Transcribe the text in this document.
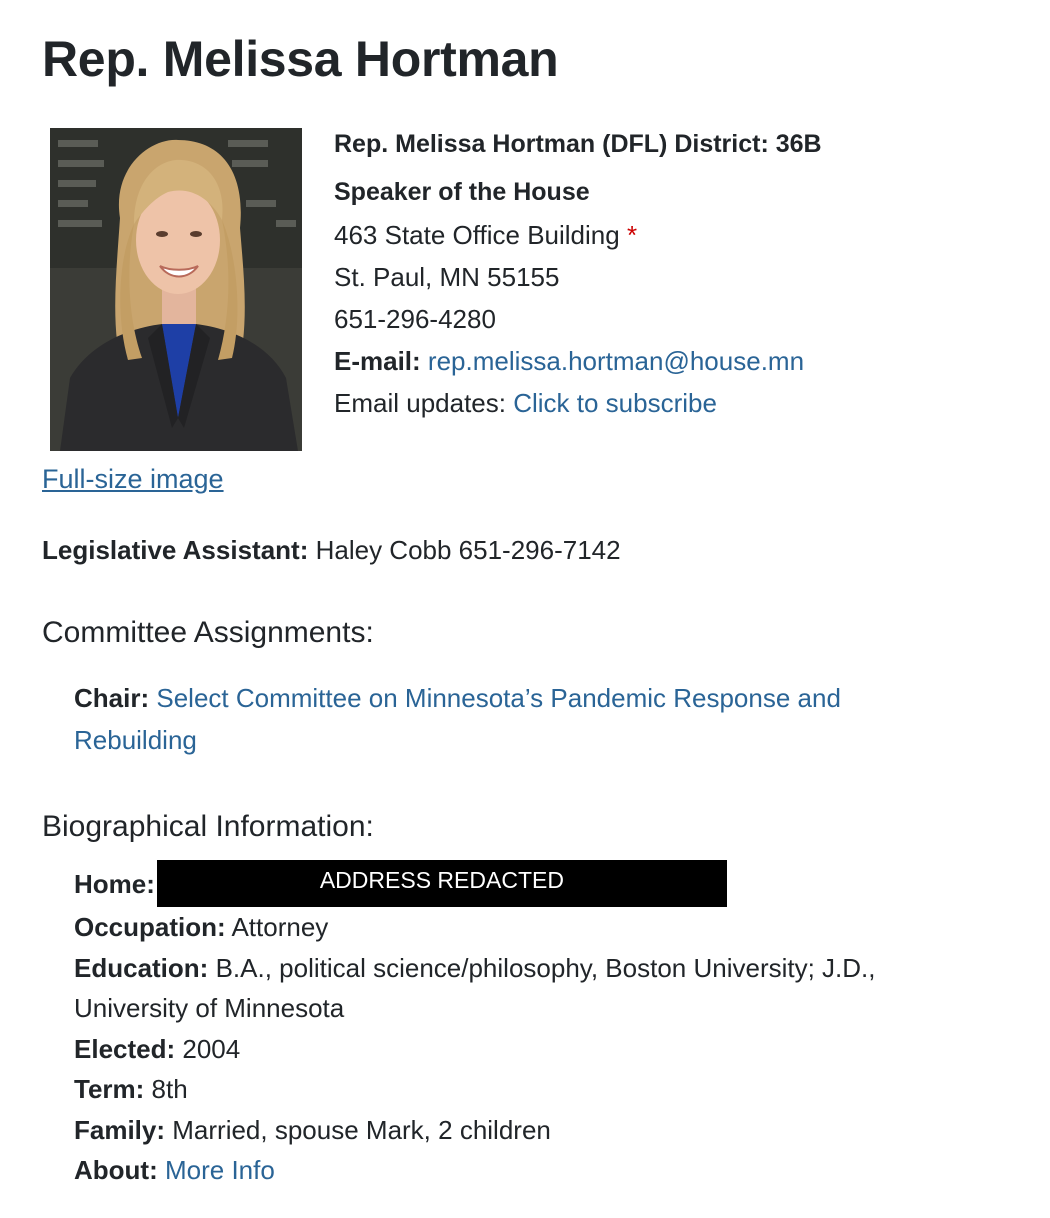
Rep. Melissa Hortman
Full-size image
Rep. Melissa Hortman (DFL) District: 36B
Speaker of the House
463 State Office Building *
St. Paul, MN 55155
651-296-4280
E-mail: rep.melissa.hortman@house.mn
Email updates: Click to subscribe
Legislative Assistant: Haley Cobb 651-296-7142
Committee Assignments:
Chair: Select Committee on Minnesota’s Pandemic Response and Rebuilding
Biographical Information:
Home:	ADDRESS REDACTED
Occupation: Attorney
Education: B.A., political science/philosophy, Boston University; J.D., University of Minnesota
Elected: 2004
Term: 8th
Family: Married, spouse Mark, 2 children
About: More Info
